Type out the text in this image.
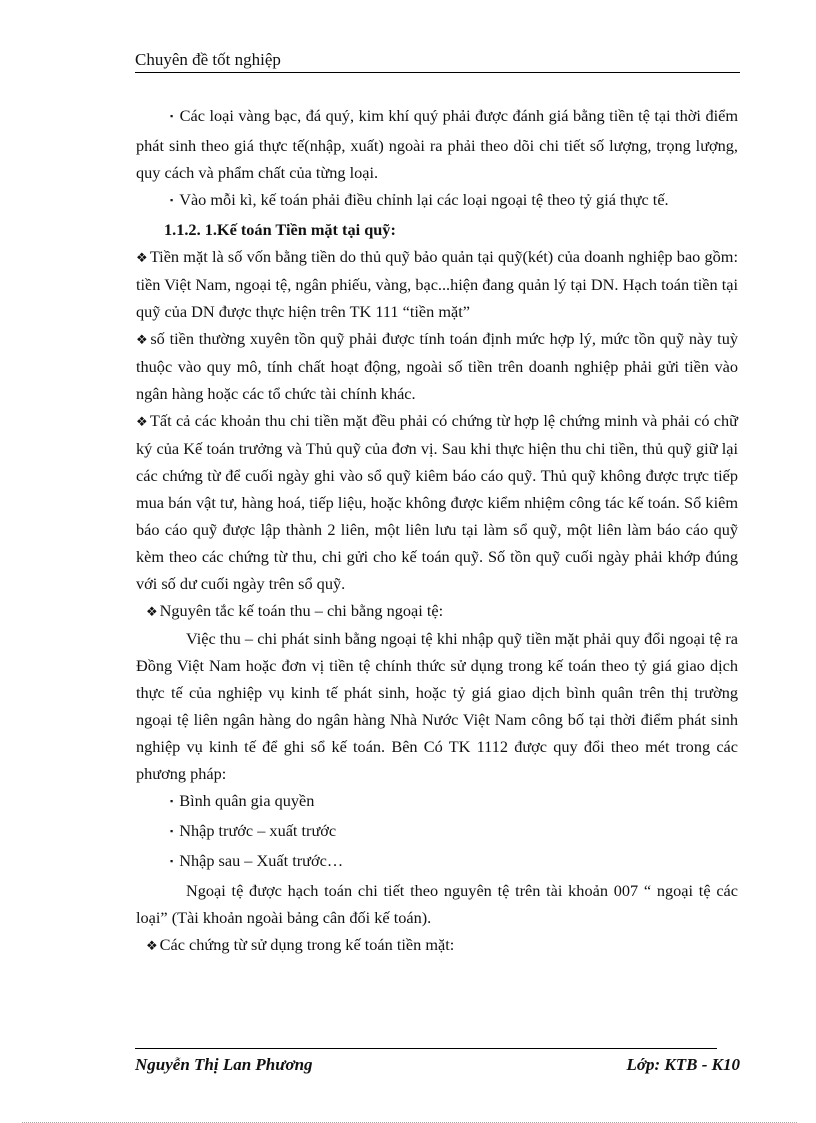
Chuyên đề tốt nghiệp

▪ Các loại vàng bạc, đá quý, kim khí quý phải được đánh giá bằng tiền tệ tại thời điểm phát sinh theo giá thực tế(nhập, xuất) ngoài ra phải theo dõi chi tiết số lượng, trọng lượng, quy cách và phẩm chất của từng loại.

▪ Vào mỗi kì, kế toán phải điều chỉnh lại các loại ngoại tệ theo tỷ giá thực tế.

1.1.2. 1.Kế toán Tiền mặt tại quỹ:

❖ Tiền mặt là số vốn bằng tiền do thủ quỹ bảo quản tại quỹ(két) của doanh nghiệp bao gồm: tiền Việt Nam, ngoại tệ, ngân phiếu, vàng, bạc...hiện đang quản lý tại DN. Hạch toán tiền tại quỹ của DN được thực hiện trên TK 111 “tiền mặt”

❖ số tiền thường xuyên tồn quỹ phải được tính toán định mức hợp lý, mức tồn quỹ này tuỳ thuộc vào quy mô, tính chất hoạt động, ngoài số tiền trên doanh nghiệp phải gửi tiền vào ngân hàng hoặc các tổ chức tài chính khác.

❖ Tất cả các khoản thu chi tiền mặt đều phải có chứng từ hợp lệ chứng minh và phải có chữ ký của Kế toán trưởng và Thủ quỹ của đơn vị. Sau khi thực hiện thu chi tiền, thủ quỹ giữ lại các chứng từ để cuối ngày ghi vào sổ quỹ kiêm báo cáo quỹ. Thủ quỹ không được trực tiếp mua bán vật tư, hàng hoá, tiếp liệu, hoặc không được kiểm nhiệm công tác kế toán. Sổ kiêm báo cáo quỹ được lập thành 2 liên, một liên lưu tại làm sổ quỹ, một liên làm báo cáo quỹ kèm theo các chứng từ thu, chi gửi cho kế toán quỹ. Số tồn quỹ cuối ngày phải khớp đúng với số dư cuối ngày trên sổ quỹ.

❖ Nguyên tắc kế toán thu – chi bằng ngoại tệ:

Việc thu – chi phát sinh bằng ngoại tệ khi nhập quỹ tiền mặt phải quy đổi ngoại tệ ra Đồng Việt Nam hoặc đơn vị tiền tệ chính thức sử dụng trong kế toán theo tỷ giá giao dịch thực tế của nghiệp vụ kinh tế phát sinh, hoặc tỷ giá giao dịch bình quân trên thị trường ngoại tệ liên ngân hàng do ngân hàng Nhà Nước Việt Nam công bố tại thời điểm phát sinh nghiệp vụ kinh tế để ghi sổ kế toán. Bên Có TK 1112 được quy đổi theo mét trong các phương pháp:

▪ Bình quân gia quyền

▪ Nhập trước – xuất trước

▪ Nhập sau – Xuất trước…

Ngoại tệ được hạch toán chi tiết theo nguyên tệ trên tài khoản 007 “ ngoại tệ các loại” (Tài khoản ngoài bảng cân đối kế toán).

❖ Các chứng từ sử dụng trong kế toán tiền mặt:

Nguyễn Thị Lan Phương	Lớp: KTB - K10
